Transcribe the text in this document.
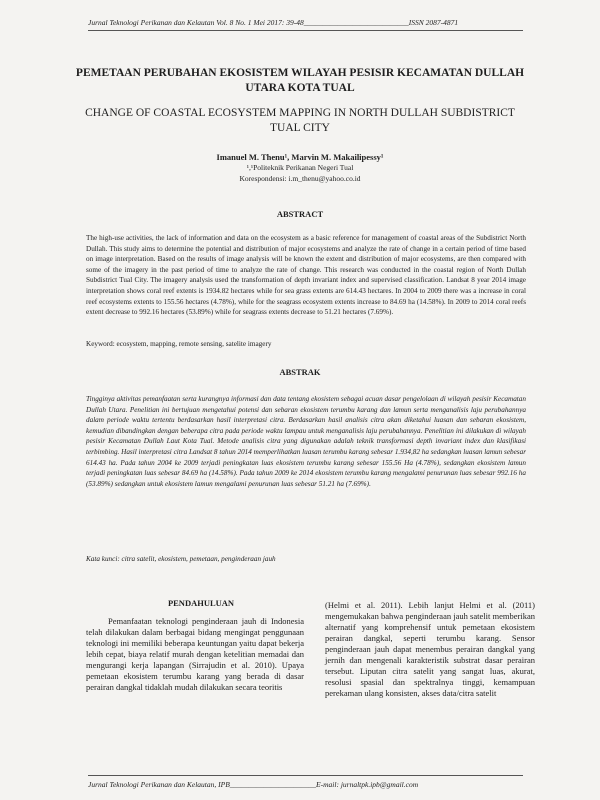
Jurnal Teknologi Perikanan dan Kelautan Vol. 8 No. 1 Mei 2017: 39-48____________________________ISSN 2087-4871
PEMETAAN PERUBAHAN EKOSISTEM WILAYAH PESISIR KECAMATAN DULLAH UTARA KOTA TUAL
CHANGE OF COASTAL ECOSYSTEM MAPPING IN NORTH DULLAH SUBDISTRICT TUAL CITY
Imanuel M. Thenu¹, Marvin M. Makailipessy¹
¹,¹Politeknik Perikanan Negeri Tual
Korespondensi: i.m_thenu@yahoo.co.id
ABSTRACT

The high-use activities, the lack of information and data on the ecosystem as a basic reference for management of coastal areas of the Subdistrict North Dullah. This study aims to determine the potential and distribution of major ecosystems and analyze the rate of change in a certain period of time based on image interpretation. Based on the results of image analysis will be known the extent and distribution of major ecosystems, are then compared with some of the imagery in the past period of time to analyze the rate of change. This research was conducted in the coastal region of North Dullah Subdistrict Tual City. The imagery analysis used the transformation of depth invariant index and supervised classification. Landsat 8 year 2014 image interpretation shows coral reef extents is 1934.82 hectares while for sea grass extents are 614.43 hectares. In 2004 to 2009 there was a increase in coral reef ecosystems extents to 155.56 hectares (4.78%), while for the seagrass ecosystem extents increase to 84.69 ha (14.58%). In 2009 to 2014 coral reefs extent decrease to 992.16 hectares (53.89%) while for seagrass extents decrease to 51.21 hectares (7.69%).

Keyword: ecosystem, mapping, remote sensing, satelite imagery
ABSTRAK

Tingginya aktivitas pemanfaatan serta kurangnya informasi dan data tentang ekosistem sebagai acuan dasar pengelolaan di wilayah pesisir Kecamatan Dullah Utara. Penelitian ini bertujuan mengetahui potensi dan sebaran ekosistem terumbu karang dan lamun serta menganalisis laju perubahannya dalam periode waktu tertentu berdasarkan hasil interpretasi citra. Berdasarkan hasil analisis citra akan diketahui luasan dan sebaran ekosistem, kemudian dibandingkan dengan beberapa citra pada periode waktu lampau untuk menganalisis laju perubahannya. Penelitian ini dilakukan di wilayah pesisir Kecamatan Dullah Laut Kota Tual. Metode analisis citra yang digunakan adalah teknik transformasi depth invariant index dan klasifikasi terbimbing. Hasil interpretasi citra Landsat 8 tahun 2014 memperlihatkan luasan terumbu karang sebesar 1.934,82 ha sedangkan luasan lamun sebesar 614.43 ha. Pada tahun 2004 ke 2009 terjadi peningkatan luas ekosistem terumbu karang sebesar 155.56 Ha (4.78%), sedangkan ekosistem lamun terjadi peningkatan luas sebesar 84.69 ha (14.58%). Pada tahun 2009 ke 2014 ekosistem terumbu karang mengalami penurunan luas sebesar 992.16 ha (53.89%) sedangkan untuk ekosistem lamun mengalami penurunan luas sebesar 51.21 ha (7.69%).

Kata kunci: citra satelit, ekosistem, pemetaan, penginderaan jauh
PENDAHULUAN

Pemanfaatan teknologi penginderaan jauh di Indonesia telah dilakukan dalam berbagai bidang mengingat penggunaan teknologi ini memiliki beberapa keuntungan yaitu dapat bekerja lebih cepat, biaya relatif murah dengan ketelitian memadai dan mengurangi kerja lapangan (Sirrajudin et al. 2010). Upaya pemetaan ekosistem terumbu karang yang berada di dasar perairan dangkal tidaklah mudah dilakukan secara teoritis

(Helmi et al. 2011). Lebih lanjut Helmi et al. (2011) mengemukakan bahwa penginderaan jauh satelit memberikan alternatif yang komprehensif untuk pemetaan ekosistem perairan dangkal, seperti terumbu karang. Sensor penginderaan jauh dapat menembus perairan dangkal yang jernih dan mengenali karakteristik substrat dasar perairan tersebut. Liputan citra satelit yang sangat luas, akurat, resolusi spasial dan spektralnya tinggi, kemampuan perekaman ulang konsisten, akses data/citra satelit

Jurnal Teknologi Perikanan dan Kelautan, IPB_______________________E-mail: jurnaltpk.ipb@gmail.com
